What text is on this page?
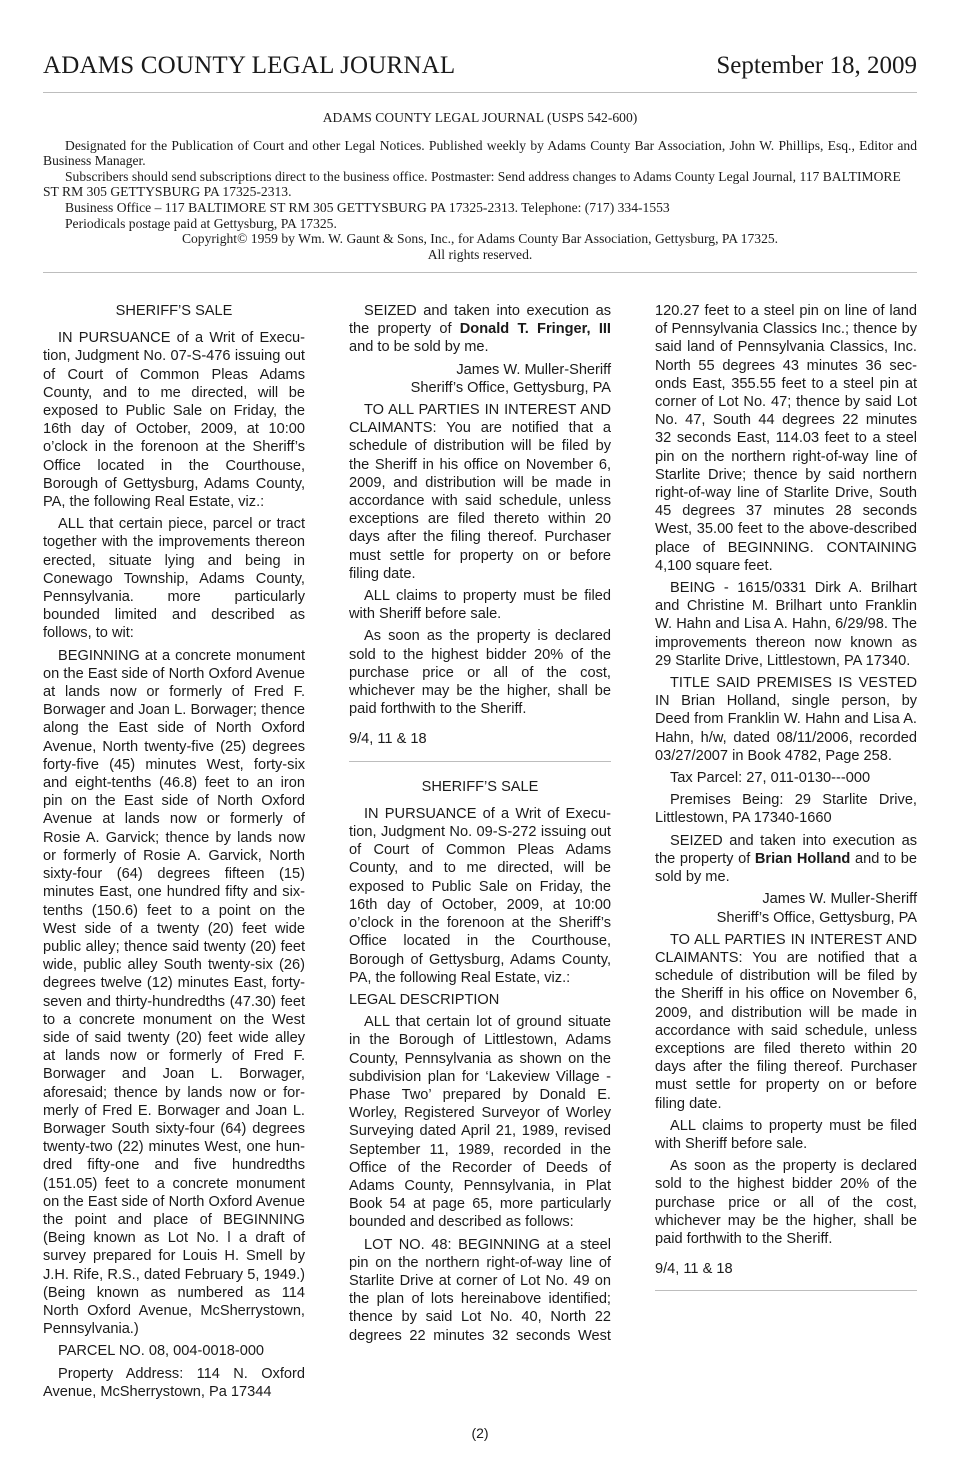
ADAMS COUNTY LEGAL JOURNAL	September 18, 2009
ADAMS COUNTY LEGAL JOURNAL (USPS 542-600)
Designated for the Publication of Court and other Legal Notices. Published weekly by Adams County Bar Association, John W. Phillips, Esq., Editor and Business Manager.
Subscribers should send subscriptions direct to the business office. Postmaster: Send address changes to Adams County Legal Journal, 117 BALTIMORE ST RM 305 GETTYSBURG PA 17325-2313.
Business Office – 117 BALTIMORE ST RM 305 GETTYSBURG PA 17325-2313. Telephone: (717) 334-1553
Periodicals postage paid at Gettysburg, PA 17325.
Copyright© 1959 by Wm. W. Gaunt & Sons, Inc., for Adams County Bar Association, Gettysburg, PA 17325.
All rights reserved.

SHERIFF’S SALE

IN PURSUANCE of a Writ of Execution, Judgment No. 07-S-476 issuing out of Court of Common Pleas Adams County, and to me directed, will be exposed to Public Sale on Friday, the 16th day of October, 2009, at 10:00 o’clock in the forenoon at the Sheriff’s Office located in the Courthouse, Borough of Gettysburg, Adams County, PA, the following Real Estate, viz.:

ALL that certain piece, parcel or tract together with the improvements thereon erected, situate lying and being in Conewago Township, Adams County, Pennsylvania. more particularly bounded limited and described as follows, to wit:

BEGINNING at a concrete monument on the East side of North Oxford Avenue at lands now or formerly of Fred F. Borwager and Joan L. Borwager; thence along the East side of North Oxford Avenue, North twenty-five (25) degrees forty-five (45) minutes West, forty-six and eight-tenths (46.8) feet to an iron pin on the East side of North Oxford Avenue at lands now or formerly of Rosie A. Garvick; thence by lands now or formerly of Rosie A. Garvick, North sixty-four (64) degrees fifteen (15) minutes East, one hundred fifty and six-tenths (150.6) feet to a point on the West side of a twenty (20) feet wide public alley; thence said twenty (20) feet wide, public alley South twenty-six (26) degrees twelve (12) minutes East, forty-seven and thirty-hundredths (47.30) feet to a concrete monument on the West side of said twenty (20) feet wide alley at lands now or formerly of Fred F. Borwager and Joan L. Borwager, aforesaid; thence by lands now or formerly of Fred E. Borwager and Joan L. Borwager South sixty-four (64) degrees twenty-two (22) minutes West, one hundred fifty-one and five hundredths (151.05) feet to a concrete monument on the East side of North Oxford Avenue the point and place of BEGINNING (Being known as Lot No. l a draft of survey prepared for Louis H. Smell by J.H. Rife, R.S., dated February 5, 1949.) (Being known as numbered as 114 North Oxford Avenue, McSherrystown, Pennsylvania.)

PARCEL NO. 08, 004-0018-000

Property Address: 114 N. Oxford Avenue, McSherrystown, Pa 17344

SEIZED and taken into execution as the property of Donald T. Fringer, III and to be sold by me.

James W. Muller-Sheriff

Sheriff’s Office, Gettysburg, PA

TO ALL PARTIES IN INTEREST AND CLAIMANTS: You are notified that a schedule of distribution will be filed by the Sheriff in his office on November 6, 2009, and distribution will be made in accordance with said schedule, unless exceptions are filed thereto within 20 days after the filing thereof. Purchaser must settle for property on or before filing date.

ALL claims to property must be filed with Sheriff before sale.

As soon as the property is declared sold to the highest bidder 20% of the purchase price or all of the cost, whichever may be the higher, shall be paid forthwith to the Sheriff.

9/4, 11 & 18

SHERIFF’S SALE

IN PURSUANCE of a Writ of Execution, Judgment No. 09-S-272 issuing out of Court of Common Pleas Adams County, and to me directed, will be exposed to Public Sale on Friday, the 16th day of October, 2009, at 10:00 o’clock in the forenoon at the Sheriff’s Office located in the Courthouse, Borough of Gettysburg, Adams County, PA, the following Real Estate, viz.:

LEGAL DESCRIPTION

ALL that certain lot of ground situate in the Borough of Littlestown, Adams County, Pennsylvania as shown on the subdivision plan for ‘Lakeview Village - Phase Two’ prepared by Donald E. Worley, Registered Surveyor of Worley Surveying dated April 21, 1989, revised September 11, 1989, recorded in the Office of the Recorder of Deeds of Adams County, Pennsylvania, in Plat Book 54 at page 65, more particularly bounded and described as follows:

LOT NO. 48: BEGINNING at a steel pin on the northern right-of-way line of Starlite Drive at corner of Lot No. 49 on the plan of lots hereinabove identified; thence by said Lot No. 40, North 22 degrees 22 minutes 32 seconds West

120.27 feet to a steel pin on line of land of Pennsylvania Classics Inc.; thence by said land of Pennsylvania Classics, Inc. North 55 degrees 43 minutes 36 seconds East, 355.55 feet to a steel pin at corner of Lot No. 47; thence by said Lot No. 47, South 44 degrees 22 minutes 32 seconds East, 114.03 feet to a steel pin on the northern right-of-way line of Starlite Drive; thence by said northern right-of-way line of Starlite Drive, South 45 degrees 37 minutes 28 seconds West, 35.00 feet to the above-described place of BEGINNING. CONTAINING 4,100 square feet.

BEING - 1615/0331 Dirk A. Brilhart and Christine M. Brilhart unto Franklin W. Hahn and Lisa A. Hahn, 6/29/98. The improvements thereon now known as 29 Starlite Drive, Littlestown, PA 17340.

TITLE SAID PREMISES IS VESTED IN Brian Holland, single person, by Deed from Franklin W. Hahn and Lisa A. Hahn, h/w, dated 08/11/2006, recorded 03/27/2007 in Book 4782, Page 258.

Tax Parcel: 27, 011-0130---000

Premises Being: 29 Starlite Drive, Littlestown, PA 17340-1660

SEIZED and taken into execution as the property of Brian Holland and to be sold by me.

James W. Muller-Sheriff

Sheriff’s Office, Gettysburg, PA

TO ALL PARTIES IN INTEREST AND CLAIMANTS: You are notified that a schedule of distribution will be filed by the Sheriff in his office on November 6, 2009, and distribution will be made in accordance with said schedule, unless exceptions are filed thereto within 20 days after the filing thereof. Purchaser must settle for property on or before filing date.

ALL claims to property must be filed with Sheriff before sale.

As soon as the property is declared sold to the highest bidder 20% of the purchase price or all of the cost, whichever may be the higher, shall be paid forthwith to the Sheriff.

9/4, 11 & 18

(2)
